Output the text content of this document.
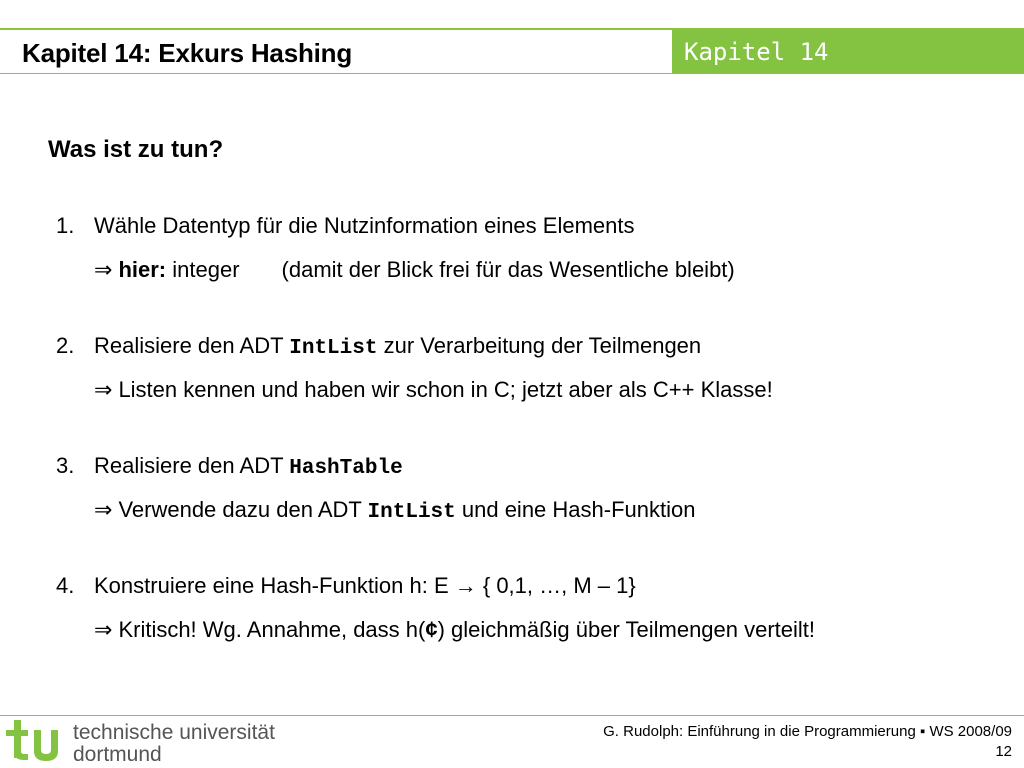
Kapitel 14: Exkurs Hashing	Kapitel 14
Was ist zu tun?
1. Wähle Datentyp für die Nutzinformation eines Elements
⇒ hier: integer (damit der Blick frei für das Wesentliche bleibt)
2. Realisiere den ADT IntList zur Verarbeitung der Teilmengen
⇒ Listen kennen und haben wir schon in C; jetzt aber als C++ Klasse!
3. Realisiere den ADT HashTable
⇒ Verwende dazu den ADT IntList und eine Hash-Funktion
4. Konstruiere eine Hash-Funktion h: E → { 0,1, …, M – 1}
⇒ Kritisch! Wg. Annahme, dass h(¢) gleichmäßig über Teilmengen verteilt!
technische universität
dortmund
G. Rudolph: Einführung in die Programmierung ▪ WS 2008/09
12
